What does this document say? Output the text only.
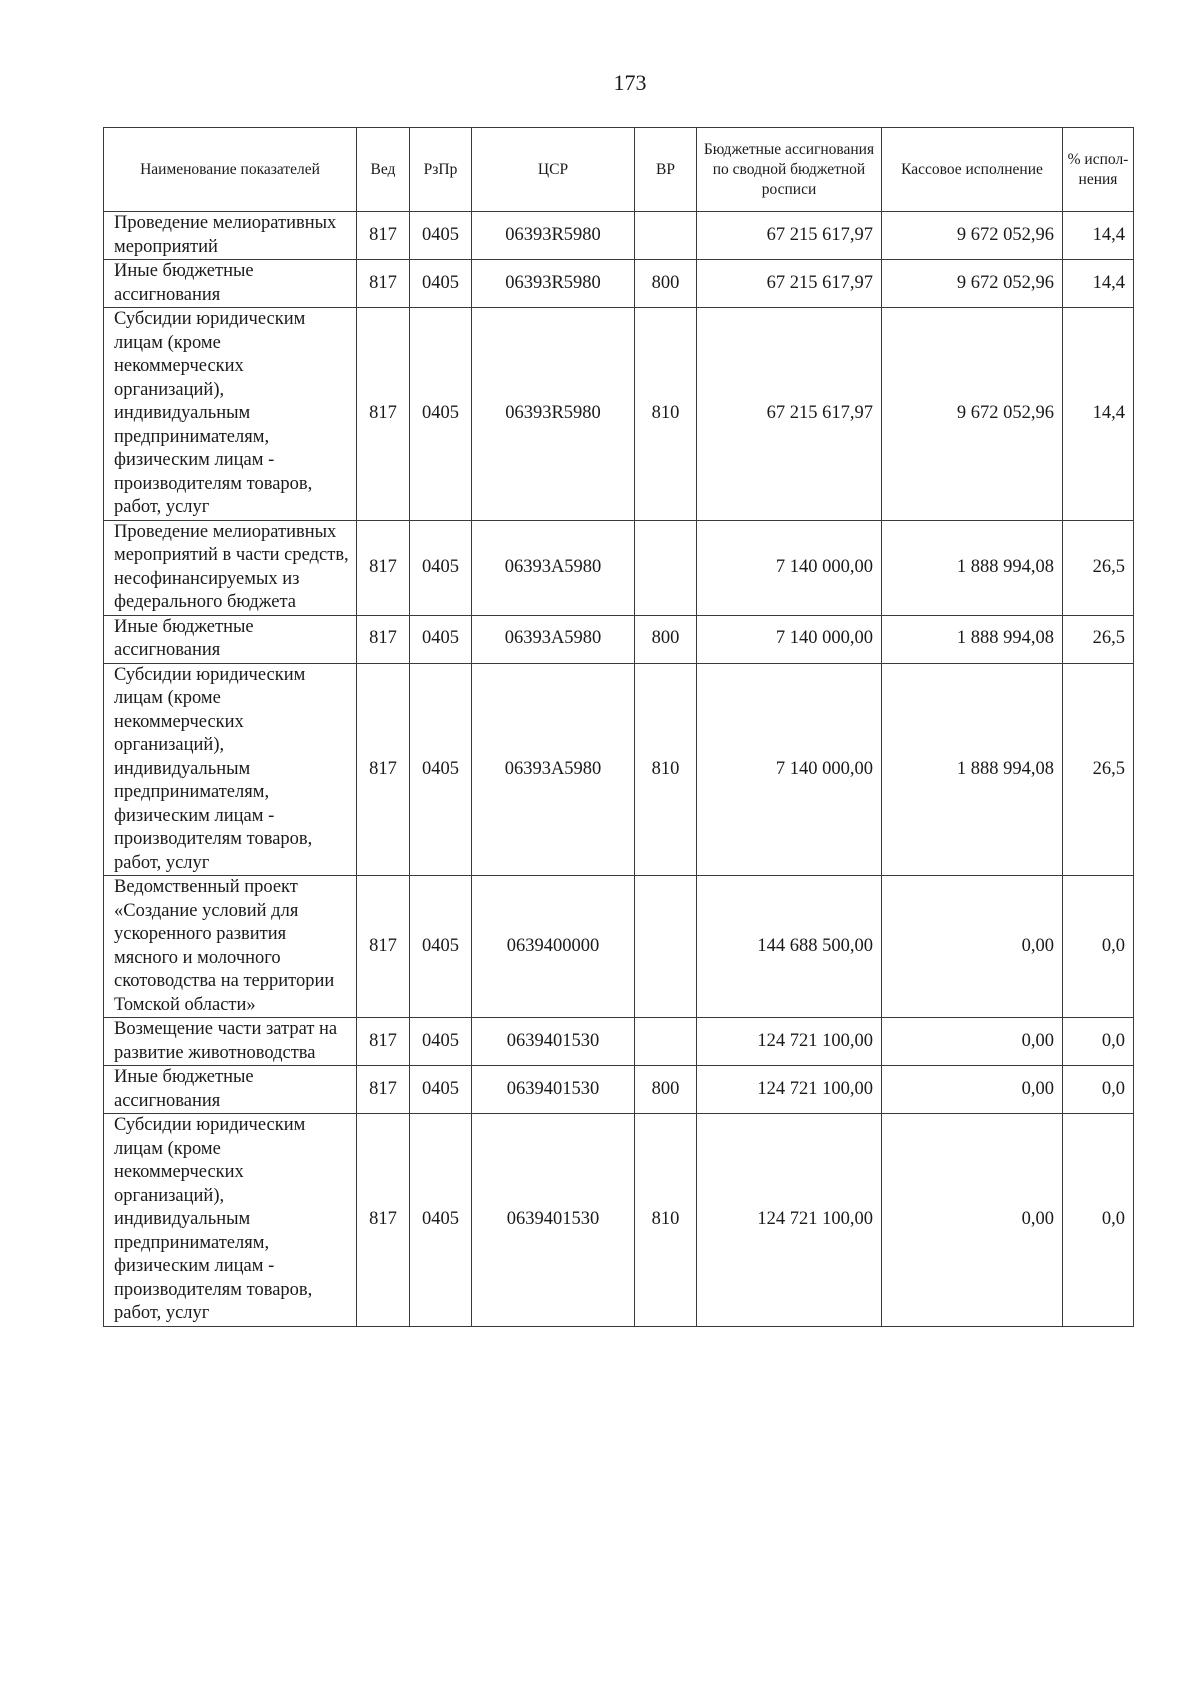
173
Наименование показателей	Вед	РзПр	ЦСР	ВР	Бюджетные ассигнования по сводной бюджетной росписи	Кассовое исполнение	% испол-нения
Проведение мелиоративных мероприятий	817	0405	06393R5980		67 215 617,97	9 672 052,96	14,4
Иные бюджетные ассигнования	817	0405	06393R5980	800	67 215 617,97	9 672 052,96	14,4
Субсидии юридическим лицам (кроме некоммерческих организаций), индивидуальным предпринимателям, физическим лицам - производителям товаров, работ, услуг	817	0405	06393R5980	810	67 215 617,97	9 672 052,96	14,4
Проведение мелиоративных мероприятий в части средств, несофинансируемых из федерального бюджета	817	0405	06393А5980		7 140 000,00	1 888 994,08	26,5
Иные бюджетные ассигнования	817	0405	06393А5980	800	7 140 000,00	1 888 994,08	26,5
Субсидии юридическим лицам (кроме некоммерческих организаций), индивидуальным предпринимателям, физическим лицам - производителям товаров, работ, услуг	817	0405	06393А5980	810	7 140 000,00	1 888 994,08	26,5
Ведомственный проект «Создание условий для ускоренного развития мясного и молочного скотоводства на территории Томской области»	817	0405	0639400000		144 688 500,00	0,00	0,0
Возмещение части затрат на развитие животноводства	817	0405	0639401530		124 721 100,00	0,00	0,0
Иные бюджетные ассигнования	817	0405	0639401530	800	124 721 100,00	0,00	0,0
Субсидии юридическим лицам (кроме некоммерческих организаций), индивидуальным предпринимателям, физическим лицам - производителям товаров, работ, услуг	817	0405	0639401530	810	124 721 100,00	0,00	0,0
